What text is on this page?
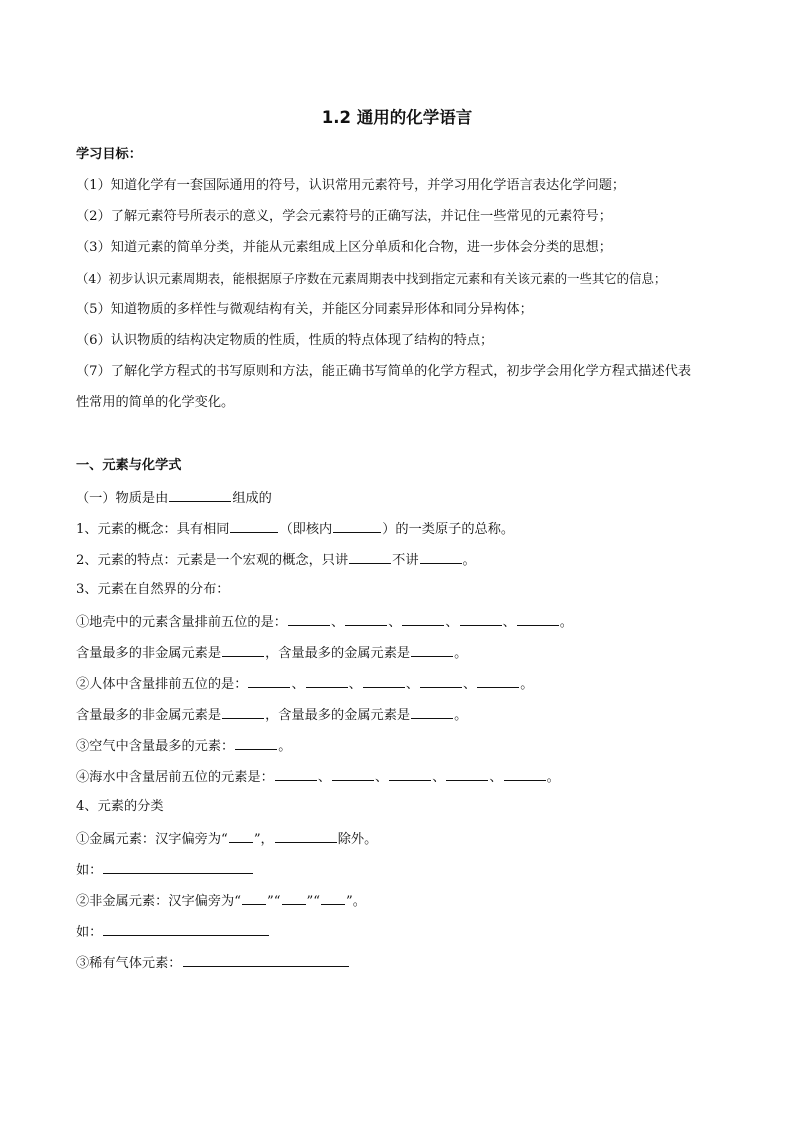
1.2 通用的化学语言
学习目标：
（1）知道化学有一套国际通用的符号，认识常用元素符号，并学习用化学语言表达化学问题；
（2）了解元素符号所表示的意义，学会元素符号的正确写法，并记住一些常见的元素符号；
（3）知道元素的简单分类，并能从元素组成上区分单质和化合物，进一步体会分类的思想；
（4）初步认识元素周期表，能根据原子序数在元素周期表中找到指定元素和有关该元素的一些其它的信息；
（5）知道物质的多样性与微观结构有关，并能区分同素异形体和同分异构体；
（6）认识物质的结构决定物质的性质，性质的特点体现了结构的特点；
（7）了解化学方程式的书写原则和方法，能正确书写简单的化学方程式，初步学会用化学方程式描述代表
性常用的简单的化学变化。
一、元素与化学式
（一）物质是由	组成的
1、元素的概念：具有相同	（即核内	）的一类原子的总称。
2、元素的特点：元素是一个宏观的概念，只讲	不讲	。
3、元素在自然界的分布：
①地壳中的元素含量排前五位的是：	、	、	、	、	。
含量最多的非金属元素是	，含量最多的金属元素是	。
②人体中含量排前五位的是：	、	、	、	、	。
含量最多的非金属元素是	，含量最多的金属元素是	。
③空气中含量最多的元素：	。
④海水中含量居前五位的元素是：	、	、	、	、	。
4、元素的分类
①金属元素：汉字偏旁为“ ”，	除外。
如：
②非金属元素：汉字偏旁为“ ”“ ”“ ”。
如：
③稀有气体元素：
